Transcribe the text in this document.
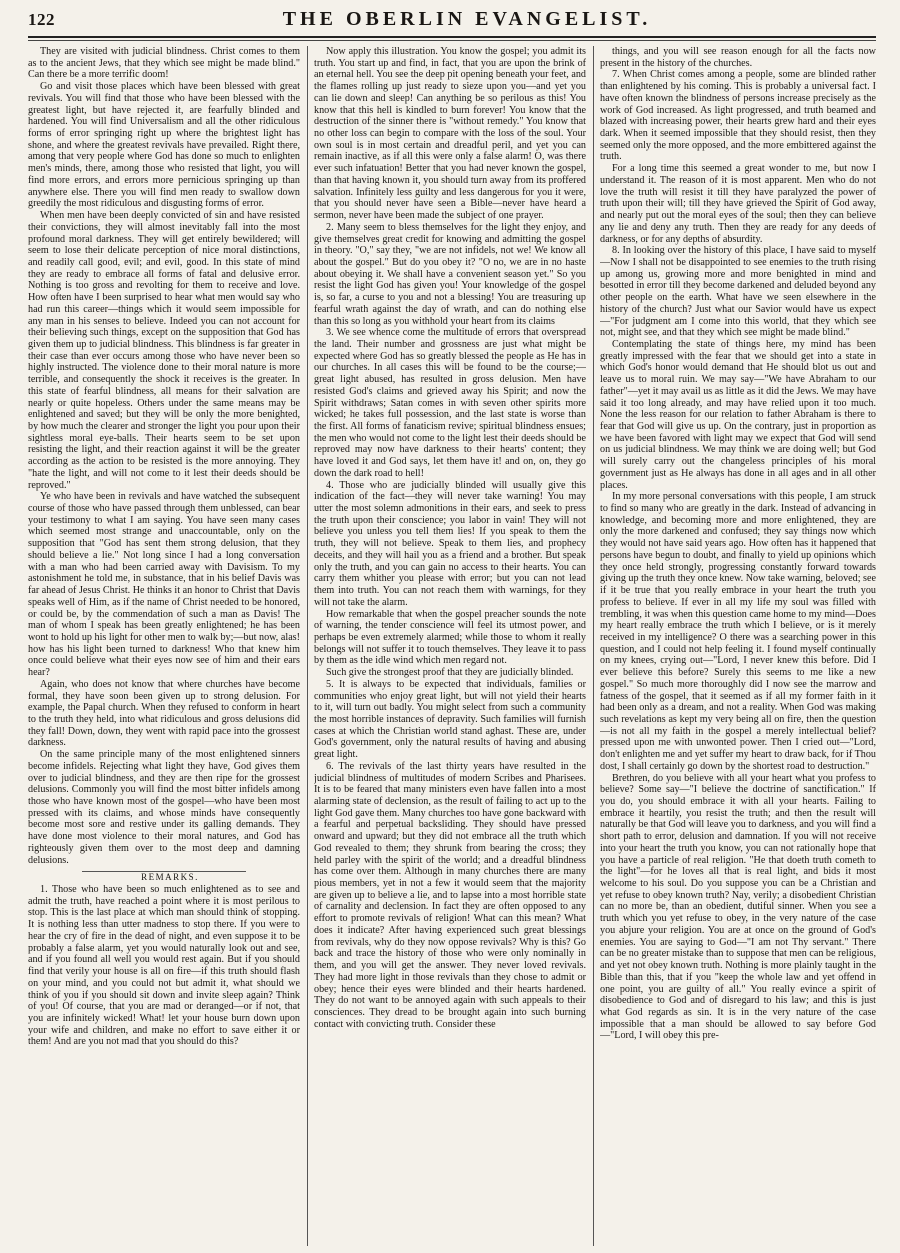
122	THE OBERLIN EVANGELIST.

They are visited with judicial blindness. Christ comes to them as to the ancient Jews, that they which see might be made blind." Can there be a more terrific doom!

Go and visit those places which have been blessed with great revivals. You will find that those who have been blessed with the greatest light, but have rejected it, are fearfully blinded and hardened. You will find Universalism and all the other ridiculous forms of error springing right up where the brightest light has shone, and where the greatest revivals have prevailed. Right there, among that very people where God has done so much to enlighten men's minds, there, among those who resisted that light, you will find more errors, and errors more pernicious springing up than anywhere else. There you will find men ready to swallow down greedily the most ridiculous and disgusting forms of error.

When men have been deeply convicted of sin and have resisted their convictions, they will almost inevitably fall into the most profound moral darkness. They will get entirely bewildered; will seem to lose their delicate perception of nice moral distinctions, and readily call good, evil; and evil, good. In this state of mind they are ready to embrace all forms of fatal and delusive error. Nothing is too gross and revolting for them to receive and love. How often have I been surprised to hear what men would say who had run this career—things which it would seem impossible for any man in his senses to believe. Indeed you can not account for their believing such things, except on the supposition that God has given them up to judicial blindness. This blindness is far greater in their case than ever occurs among those who have never been so highly instructed. The violence done to their moral nature is more terrible, and consequently the shock it receives is the greater. In this state of fearful blindness, all means for their salvation are nearly or quite hopeless. Others under the same means may be enlightened and saved; but they will be only the more benighted, by how much the clearer and stronger the light you pour upon their sightless moral eye-balls. Their hearts seem to be set upon resisting the light, and their reaction against it will be the greater according as the action to be resisted is the more annoying. They "hate the light, and will not come to it lest their deeds should be reproved."

Ye who have been in revivals and have watched the subsequent course of those who have passed through them unblessed, can bear your testimony to what I am saying. You have seen many cases which seemed most strange and unaccountable, only on the supposition that "God has sent them strong delusion, that they should believe a lie." Not long since I had a long conversation with a man who had been carried away with Davisism. To my astonishment he told me, in substance, that in his belief Davis was far ahead of Jesus Christ. He thinks it an honor to Christ that Davis speaks well of Him, as if the name of Christ needed to be honored, or could be, by the commendation of such a man as Davis! The man of whom I speak has been greatly enlightened; he has been wont to hold up his light for other men to walk by;—but now, alas! how has his light been turned to darkness! Who that knew him once could believe what their eyes now see of him and their ears hear?

Again, who does not know that where churches have become formal, they have soon been given up to strong delusion. For example, the Papal church. When they refused to conform in heart to the truth they held, into what ridiculous and gross delusions did they fall! Down, down, they went with rapid pace into the grossest darkness.

On the same principle many of the most enlightened sinners become infidels. Rejecting what light they have, God gives them over to judicial blindness, and they are then ripe for the grossest delusions. Commonly you will find the most bitter infidels among those who have known most of the gospel—who have been most pressed with its claims, and whose minds have consequently become most sore and restive under its galling demands. They have done most violence to their moral natures, and God has righteously given them over to the most deep and damning delusions.

REMARKS.

1. Those who have been so much enlightened as to see and admit the truth, have reached a point where it is most perilous to stop. This is the last place at which man should think of stopping. It is nothing less than utter madness to stop there. If you were to hear the cry of fire in the dead of night, and even suppose it to be probably a false alarm, yet you would naturally look out and see, and if you found all well you would rest again. But if you should find that verily your house is all on fire—if this truth should flash on your mind, and you could not but admit it, what should we think of you if you should sit down and invite sleep again? Think of you! Of course, that you are mad or deranged—or if not, that you are infinitely wicked! What! let your house burn down upon your wife and children, and make no effort to save either it or them! And are you not mad that you should do this?

Now apply this illustration. You know the gospel; you admit its truth. You start up and find, in fact, that you are upon the brink of an eternal hell. You see the deep pit opening beneath your feet, and the flames rolling up just ready to sieze upon you—and yet you can lie down and sleep! Can anything be so perilous as this! You know that this hell is kindled to burn forever! You know that the destruction of the sinner there is "without remedy." You know that no other loss can begin to compare with the loss of the soul. Your own soul is in most certain and dreadful peril, and yet you can remain inactive, as if all this were only a false alarm! O, was there ever such infatuation! Better that you had never known the gospel, than that having known it, you should turn away from its proffered salvation. Infinitely less guilty and less dangerous for you it were, that you should never have seen a Bible—never have heard a sermon, never have been made the subject of one prayer.

2. Many seem to bless themselves for the light they enjoy, and give themselves great credit for knowing and admitting the gospel in theory. "O," say they, "we are not infidels, not we! We know all about the gospel." But do you obey it? "O no, we are in no haste about obeying it. We shall have a convenient season yet." So you resist the light God has given you! Your knowledge of the gospel is, so far, a curse to you and not a blessing! You are treasuring up fearful wrath against the day of wrath, and can do nothing else than this so long as you withhold your heart from its claims

3. We see whence come the multitude of errors that overspread the land. Their number and grossness are just what might be expected where God has so greatly blessed the people as He has in our churches. In all cases this will be found to be the course;—great light abused, has resulted in gross delusion. Men have resisted God's claims and grieved away his Spirit; and now the Spirit withdraws; Satan comes in with seven other spirits more wicked; he takes full possession, and the last state is worse than the first. All forms of fanaticism revive; spiritual blindness ensues; the men who would not come to the light lest their deeds should be reproved may now have darkness to their hearts' content; they have loved it and God says, let them have it! and on, on, they go down the dark road to hell!

4. Those who are judicially blinded will usually give this indication of the fact—they will never take warning! You may utter the most solemn admonitions in their ears, and seek to press the truth upon their conscience; you labor in vain! They will not believe you unless you tell them lies! If you speak to them the truth, they will not believe. Speak to them lies, and prophecy deceits, and they will hail you as a friend and a brother. But speak only the truth, and you can gain no access to their hearts. You can carry them whither you please with error; but you can not lead them into truth. You can not reach them with warnings, for they will not take the alarm.

How remarkable that when the gospel preacher sounds the note of warning, the tender conscience will feel its utmost power, and perhaps be even extremely alarmed; while those to whom it really belongs will not suffer it to touch themselves. They leave it to pass by them as the idle wind which men regard not.

Such give the strongest proof that they are judicially blinded.

5. It is always to be expected that individuals, families or communities who enjoy great light, but will not yield their hearts to it, will turn out badly. You might select from such a community the most horrible instances of depravity. Such families will furnish cases at which the Christian world stand aghast. These are, under God's government, only the natural results of having and abusing great light.

6. The revivals of the last thirty years have resulted in the judicial blindness of multitudes of modern Scribes and Pharisees. It is to be feared that many ministers even have fallen into a most alarming state of declension, as the result of failing to act up to the light God gave them. Many churches too have gone backward with a fearful and perpetual backsliding. They should have pressed onward and upward; but they did not embrace all the truth which God revealed to them; they shrunk from bearing the cross; they held parley with the spirit of the world; and a dreadful blindness has come over them. Although in many churches there are many pious members, yet in not a few it would seem that the majority are given up to believe a lie, and to lapse into a most horrible state of carnality and declension. In fact they are often opposed to any effort to promote revivals of religion! What can this mean? What does it indicate? After having experienced such great blessings from revivals, why do they now oppose revivals? Why is this? Go back and trace the history of those who were only nominally in them, and you will get the answer. They never loved revivals. They had more light in those revivals than they chose to admit or obey; hence their eyes were blinded and their hearts hardened. They do not want to be annoyed again with such appeals to their consciences. They dread to be brought again into such burning contact with convicting truth. Consider these

things, and you will see reason enough for all the facts now present in the history of the churches.

7. When Christ comes among a people, some are blinded rather than enlightened by his coming. This is probably a universal fact. I have often known the blindness of persons increase precisely as the work of God increased. As light progressed, and truth beamed and blazed with increasing power, their hearts grew hard and their eyes dark. When it seemed impossible that they should resist, then they seemed only the more opposed, and the more embittered against the truth.

For a long time this seemed a great wonder to me, but now I understand it. The reason of it is most apparent. Men who do not love the truth will resist it till they have paralyzed the power of truth upon their will; till they have grieved the Spirit of God away, and nearly put out the moral eyes of the soul; then they can believe any lie and deny any truth. Then they are ready for any deeds of darkness, or for any depths of absurdity.

8. In looking over the history of this place, I have said to myself—Now I shall not be disappointed to see enemies to the truth rising up among us, growing more and more benighted in mind and besotted in error till they become darkened and deluded beyond any other people on the earth. What have we seen elsewhere in the history of the church? Just what our Savior would have us expect—"For judgment am I come into this world, that they which see not, might see, and that they which see might be made blind."

Contemplating the state of things here, my mind has been greatly impressed with the fear that we should get into a state in which God's honor would demand that He should blot us out and leave us to moral ruin. We may say—"We have Abraham to our father"—yet it may avail us as little as it did the Jews. We may have said it too long already, and may have relied upon it too much. None the less reason for our relation to father Abraham is there to fear that God will give us up. On the contrary, just in proportion as we have been favored with light may we expect that God will send on us judicial blindness. We may think we are doing well; but God will surely carry out the changeless principles of his moral government just as He always has done in all ages and in all other places.

In my more personal conversations with this people, I am struck to find so many who are greatly in the dark. Instead of advancing in knowledge, and becoming more and more enlightened, they are only the more darkened and confused; they say things now which they would not have said years ago. How often has it happened that persons have begun to doubt, and finally to yield up opinions which they once held strongly, progressing constantly forward towards giving up the truth they once knew. Now take warning, beloved; see if it be true that you really embrace in your heart the truth you profess to believe. If ever in all my life my soul was filled with trembling, it was when this question came home to my mind—Does my heart really embrace the truth which I believe, or is it merely received in my intelligence? O there was a searching power in this question, and I could not help feeling it. I found myself continually on my knees, crying out—"Lord, I never knew this before. Did I ever believe this before? Surely this seems to me like a new gospel." So much more thoroughly did I now see the marrow and fatness of the gospel, that it seemed as if all my former faith in it had been only as a dream, and not a reality. When God was making such revelations as kept my very being all on fire, then the question —is not all my faith in the gospel a merely intellectual belief? pressed upon me with unwonted power. Then I cried out—"Lord, don't enlighten me and yet suffer my heart to draw back, for if Thou dost, I shall certainly go down by the shortest road to destruction."

Brethren, do you believe with all your heart what you profess to believe? Some say—"I believe the doctrine of sanctification." If you do, you should embrace it with all your hearts. Failing to embrace it heartily, you resist the truth; and then the result will naturally be that God will leave you to darkness, and you will find a short path to error, delusion and damnation. If you will not receive into your heart the truth you know, you can not rationally hope that you have a particle of real religion. "He that doeth truth cometh to the light"—for he loves all that is real light, and bids it most welcome to his soul. Do you suppose you can be a Christian and yet refuse to obey known truth? Nay, verily; a disobedient Christian can no more be, than an obedient, dutiful sinner. When you see a truth which you yet refuse to obey, in the very nature of the case you abjure your religion. You are at once on the ground of God's enemies. You are saying to God—"I am not Thy servant." There can be no greater mistake than to suppose that men can be religious, and yet not obey known truth. Nothing is more plainly taught in the Bible than this, that if you "keep the whole law and yet offend in one point, you are guilty of all." You really evince a spirit of disobedience to God and of disregard to his law; and this is just what God regards as sin. It is in the very nature of the case impossible that a man should be allowed to say before God—"Lord, I will obey this pre-
